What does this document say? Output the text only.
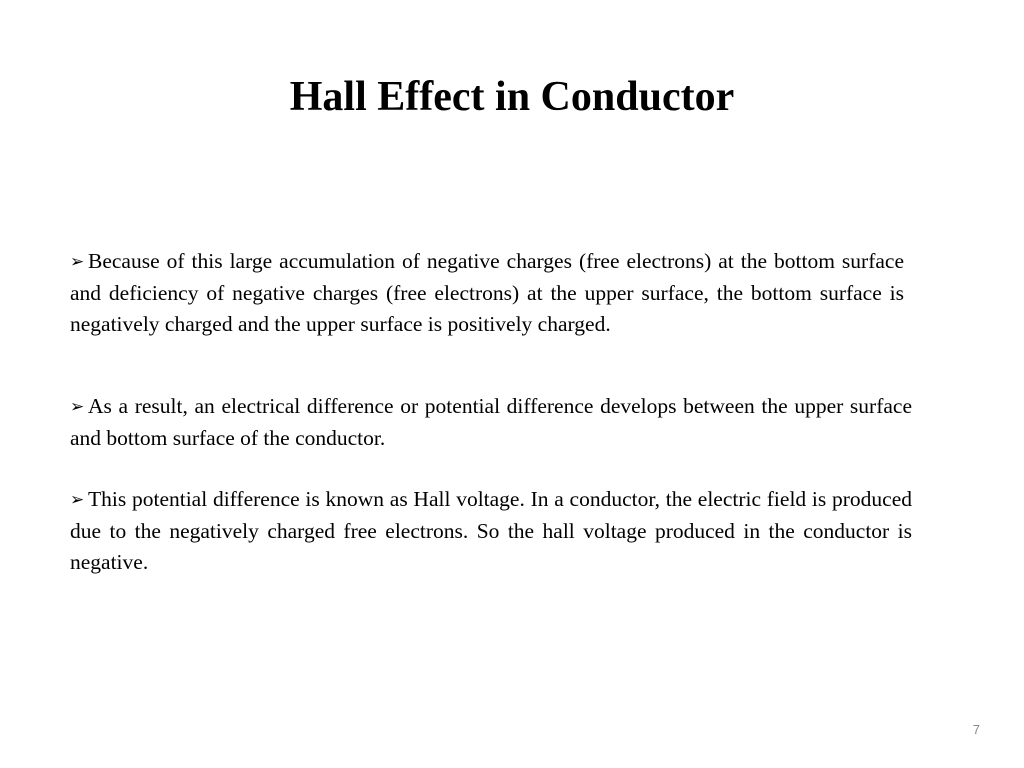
Hall Effect in Conductor

➢ Because of this large accumulation of negative charges (free electrons) at the bottom surface and deficiency of negative charges (free electrons) at the upper surface, the bottom surface is negatively charged and the upper surface is positively charged.

➢ As a result, an electrical difference or potential difference develops between the upper surface and bottom surface of the conductor.

➢ This potential difference is known as Hall voltage. In a conductor, the electric field is produced due to the negatively charged free electrons. So the hall voltage produced in the conductor is negative.

7
